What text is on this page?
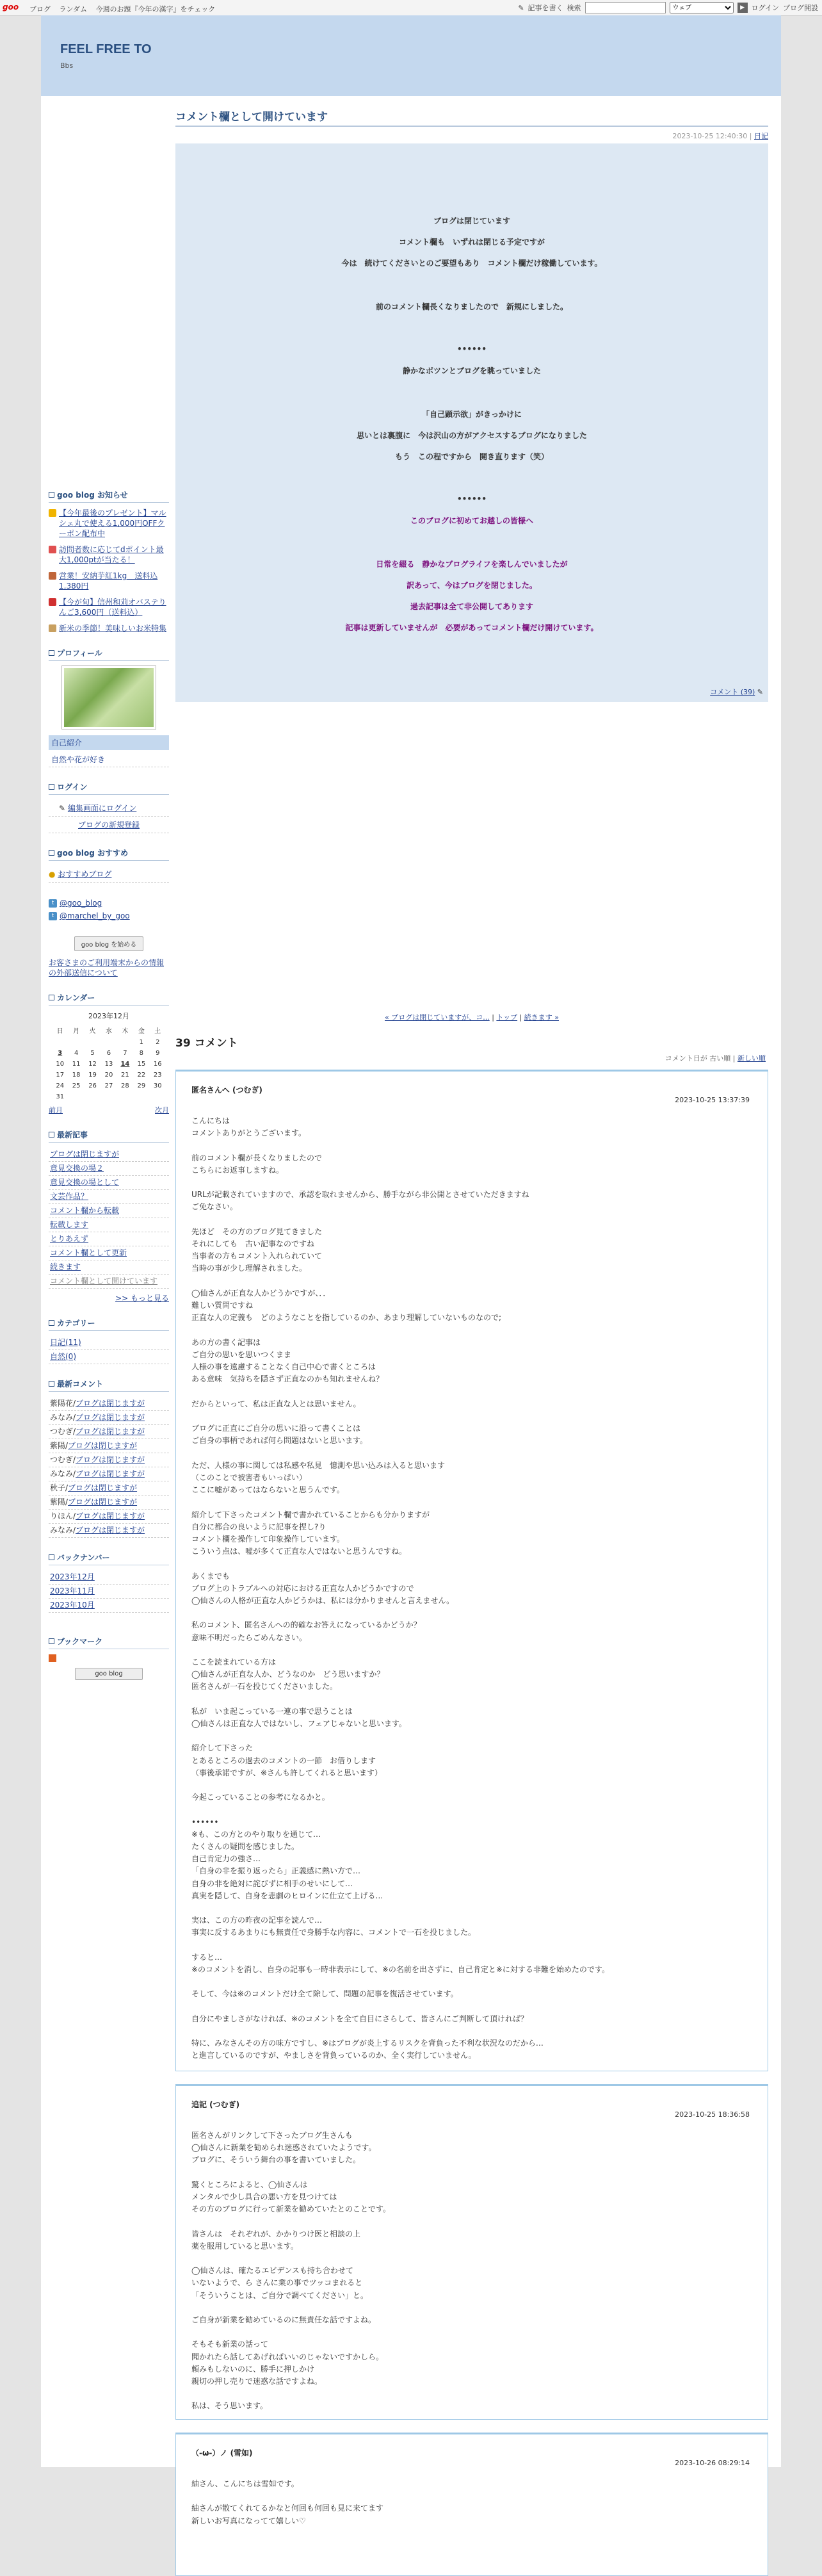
goo ブログ ランダム 今週のお題『今年の漢字』をチェック	✎ 記事を書く 検索
ウェブ	▶ ログイン ブログ開設
FEEL FREE TO
Bbs
goo blog お知らせ
【今年最後のプレゼント】マルシェ丸で使える1,000円OFFクーポン配布中
訪問者数に応じてdポイント最大1,000ptが当たる！
営業！安納芋紅1kg　送料込1,380円
【今が旬】信州和苅オバステりんご3,600円（送料込）
新米の季節！美味しいお米特集
プロフィール
自己紹介
自然や花が好き
ログイン
✎ 編集画面にログイン
ブログの新規登録
goo blog おすすめ
● おすすめブログ
t @goo_blog
t @marchel_by_goo
goo blog を始める
お客さまのご利用端末からの情報の外部送信について
カレンダー
2023年12月
日	月	火	水	木	金	土
					1	2
3	4	5	6	7	8	9
10	11	12	13	14	15	16
17	18	19	20	21	22	23
24	25	26	27	28	29	30
31						
前月	次月
最新記事
ブログは閉じますが
意見交換の場２
意見交換の場として
文芸作品？
コメント欄から転載
転載します
とりあえず
コメント欄として更新
続きます
コメント欄として開けています
>> もっと見る
カテゴリー
日記(11)
自然(0)
最新コメント
紫陽花/ブログは閉じますが
みなみ/ブログは閉じますが
つむぎ/ブログは閉じますが
紫陽/ブログは閉じますが
つむぎ/ブログは閉じますが
みなみ/ブログは閉じますが
秋子/ブログは閉じますが
紫陽/ブログは閉じますが
りほん/ブログは閉じますが
みなみ/ブログは閉じますが
バックナンバー
2023年12月
2023年11月
2023年10月
ブックマーク
goo blog
コメント欄として開けています
2023-10-25 12:40:30 | 日記
ブログは閉じています
コメント欄も　いずれは閉じる予定ですが
今は　続けてくださいとのご要望もあり　コメント欄だけ稼働しています。
前のコメント欄長くなりましたので　新規にしました。
••••••
静かなボツンとブログを眺っていました
「自己顕示欲」がきっかけに
思いとは裏腹に　今は沢山の方がアクセスするブログになりました
もう　この程ですから　開き直ります（笑）
••••••
このブログに初めてお越しの皆様へ
日常を綴る　静かなブログライフを楽しんでいましたが
訳あって、今はブログを閉じました。
過去記事は全て非公開してあります
記事は更新していませんが　必要があってコメント欄だけ開けています。
コメント (39) ✎
« ブログは閉じていますが、コ... | トップ | 続きます »
39 コメント
コメント日が 古い順 | 新しい順
匿名さんへ (つむぎ)
2023-10-25 13:37:39
こんにちは
コメントありがとうございます。

前のコメント欄が長くなりましたので
こちらにお返事しますね。

URLが記載されていますので、承認を取れませんから、勝手ながら非公開とさせていただきますね
ご免なさい。

先ほど　その方のブログ見てきました
それにしても　古い記事なのですね
当事者の方もコメント入れられていて
当時の事が少し理解されました。

◯仙さんが正直な人かどうかですが、．．
難しい質問ですね
正直な人の定義も　どのようなことを指しているのか、あまり理解していないものなので;

あの方の書く記事は
ご自分の思いを思いつくまま
人様の事を遠慮することなく自己中心で書くところは
ある意味　気持ちを隠さず正直なのかも知れませんね？

だからといって、私は正直な人とは思いません。

ブログに正直にご自分の思いに沿って書くことは
ご自身の事柄であれば何ら問題はないと思います。

ただ、人様の事に関しては私感や私見　憶測や思い込みは入ると思います
（このことで被害者もいっぱい）
ここに嘘があってはならないと思うんです。

紹介して下さったコメント欄で書かれていることからも分かりますが
自分に都合の良いように記事を捏し?り
コメント欄を操作して印象操作しています。
こういう点は、嘘が多くて正直な人ではないと思うんですね。

あくまでも
ブログ上のトラブルへの対応における正直な人かどうかですので
◯仙さんの人格が正直な人かどうかは、私には分かりませんと言えません。

私のコメント、匿名さんへの的確なお答えになっているかどうか？
意味不明だったらごめんなさい。

ここを読まれている方は
◯仙さんが正直な人か、どうなのか　どう思いますか？
匿名さんが一石を投じてくださいました。

私が　いま起こっている一連の事で思うことは
◯仙さんは正直な人ではないし、フェアじゃないと思います。

紹介して下さった
とあるところの過去のコメントの一節　お借りします
（事後承諾ですが、※さんも許してくれると思います）

今起こっていることの参考になるかと。

••••••
※も、この方とのやり取りを通じて…
たくさんの疑問を感じました。
自己肯定力の強さ…
「自身の非を振り返ったら」正義感に熱い方で…
自身の非を絶対に詫びずに相手のせいにして…
真実を隠して、自身を悲劇のヒロインに仕立て上げる…

実は、この方の昨夜の記事を読んで…
事実に反するあまりにも無責任で身勝手な内容に、コメントで一石を投じました。

すると…
※のコメントを消し、自身の記事も一時非表示にして、※の名前を出さずに、自己肯定と※に対する非難を始めたのです。

そして、今は※のコメントだけ全て除して、問題の記事を復活させています。

自分にやましさがなければ、※のコメントを全て自目にさらして、皆さんにご判断して頂ければ？

特に、みなさんその方の味方ですし、※はブログが炎上するリスクを背負った不利な状況なのだから…
と進言しているのですが、やましさを背負っているのか、全く実行していません。
追記 (つむぎ)
2023-10-25 18:36:58
匿名さんがリンクして下さったブログ生さんも
◯仙さんに新業を勧められ迷惑されていたようです。
ブログに、そういう舞台の事を書いていました。

驚くところによると、◯仙さんは
メンタルで少し具合の悪い方を見つけては
その方のブログに行って新業を勧めていたとのことです。

皆さんは　それぞれが、かかりつけ医と相談の上
薬を服用していると思います。

◯仙さんは、確たるエビデンスも持ち合わせて
いないようで、ら さんに業の事でツッコまれると
「そういうことは、ご自分で調べてください」と。

ご自身が新業を勧めているのに無責任な話ですよね。

そもそも新業の話って
聞かれたら話してあげればいいのじゃないですかしら。
頼みもしないのに、勝手に押しかけ
親切の押し売りで迷惑な話ですよね。

私は、そう思います。
（-ω-）ノ (雪如)
2023-10-26 08:29:14
紬さん、こんにちは雪如です。

紬さんが散てくれてるかなと何回も何回も見に来てます
新しいお写真になってて嬉しい♡
